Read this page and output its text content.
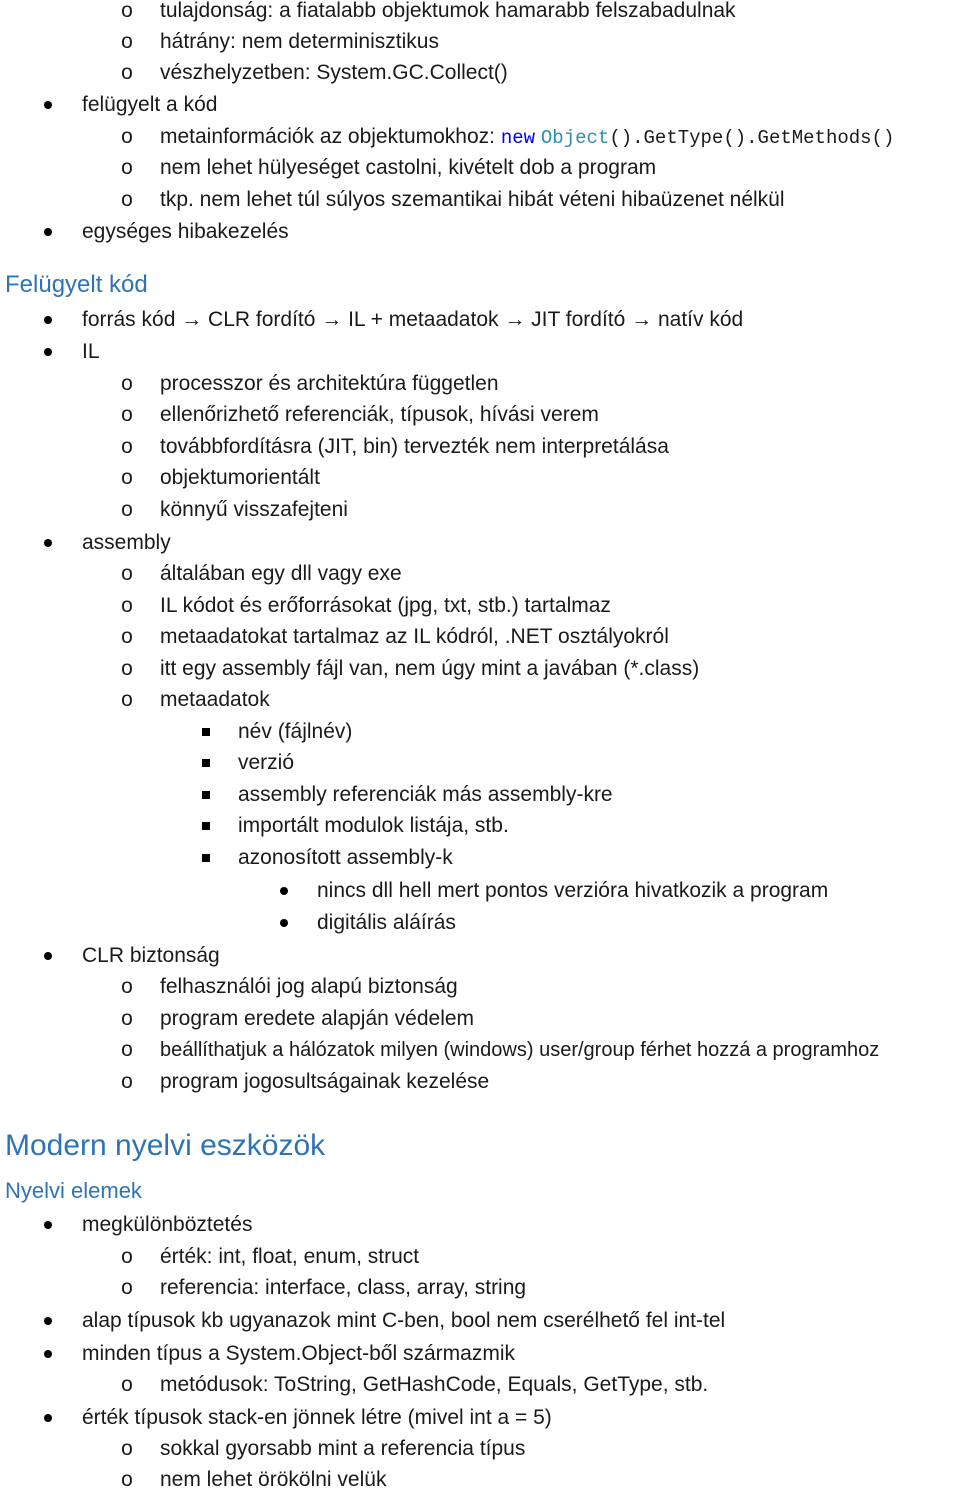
o tulajdonság: a fiatalabb objektumok hamarabb felszabadulnak
o hátrány: nem determinisztikus
o vészhelyzetben: System.GC.Collect()
felügyelt a kód
o metainformációk az objektumokhoz: new Object().GetType().GetMethods()
o nem lehet hülyeséget castolni, kivételt dob a program
o tkp. nem lehet túl súlyos szemantikai hibát véteni hibaüzenet nélkül
egységes hibakezelés
Felügyelt kód
forrás kód → CLR fordító → IL + metaadatok → JIT fordító → natív kód
IL
o processzor és architektúra független
o ellenőrizhető referenciák, típusok, hívási verem
o továbbfordításra (JIT, bin) tervezték nem interpretálása
o objektumorientált
o könnyű visszafejteni
assembly
o általában egy dll vagy exe
o IL kódot és erőforrásokat (jpg, txt, stb.) tartalmaz
o metaadatokat tartalmaz az IL kódról, .NET osztályokról
o itt egy assembly fájl van, nem úgy mint a javában (*.class)
o metaadatok
név (fájlnév)
verzió
assembly referenciák más assembly-kre
importált modulok listája, stb.
azonosított assembly-k
nincs dll hell mert pontos verzióra hivatkozik a program
digitális aláírás
CLR biztonság
o felhasználói jog alapú biztonság
o program eredete alapján védelem
o beállíthatjuk a hálózatok milyen (windows) user/group férhet hozzá a programhoz
o program jogosultságainak kezelése
Modern nyelvi eszközök
Nyelvi elemek
megkülönböztetés
o érték: int, float, enum, struct
o referencia: interface, class, array, string
alap típusok kb ugyanazok mint C-ben, bool nem cserélhető fel int-tel
minden típus a System.Object-ből származmik
o metódusok: ToString, GetHashCode, Equals, GetType, stb.
érték típusok stack-en jönnek létre (mivel int a = 5)
o sokkal gyorsabb mint a referencia típus
o nem lehet örökölni velük
